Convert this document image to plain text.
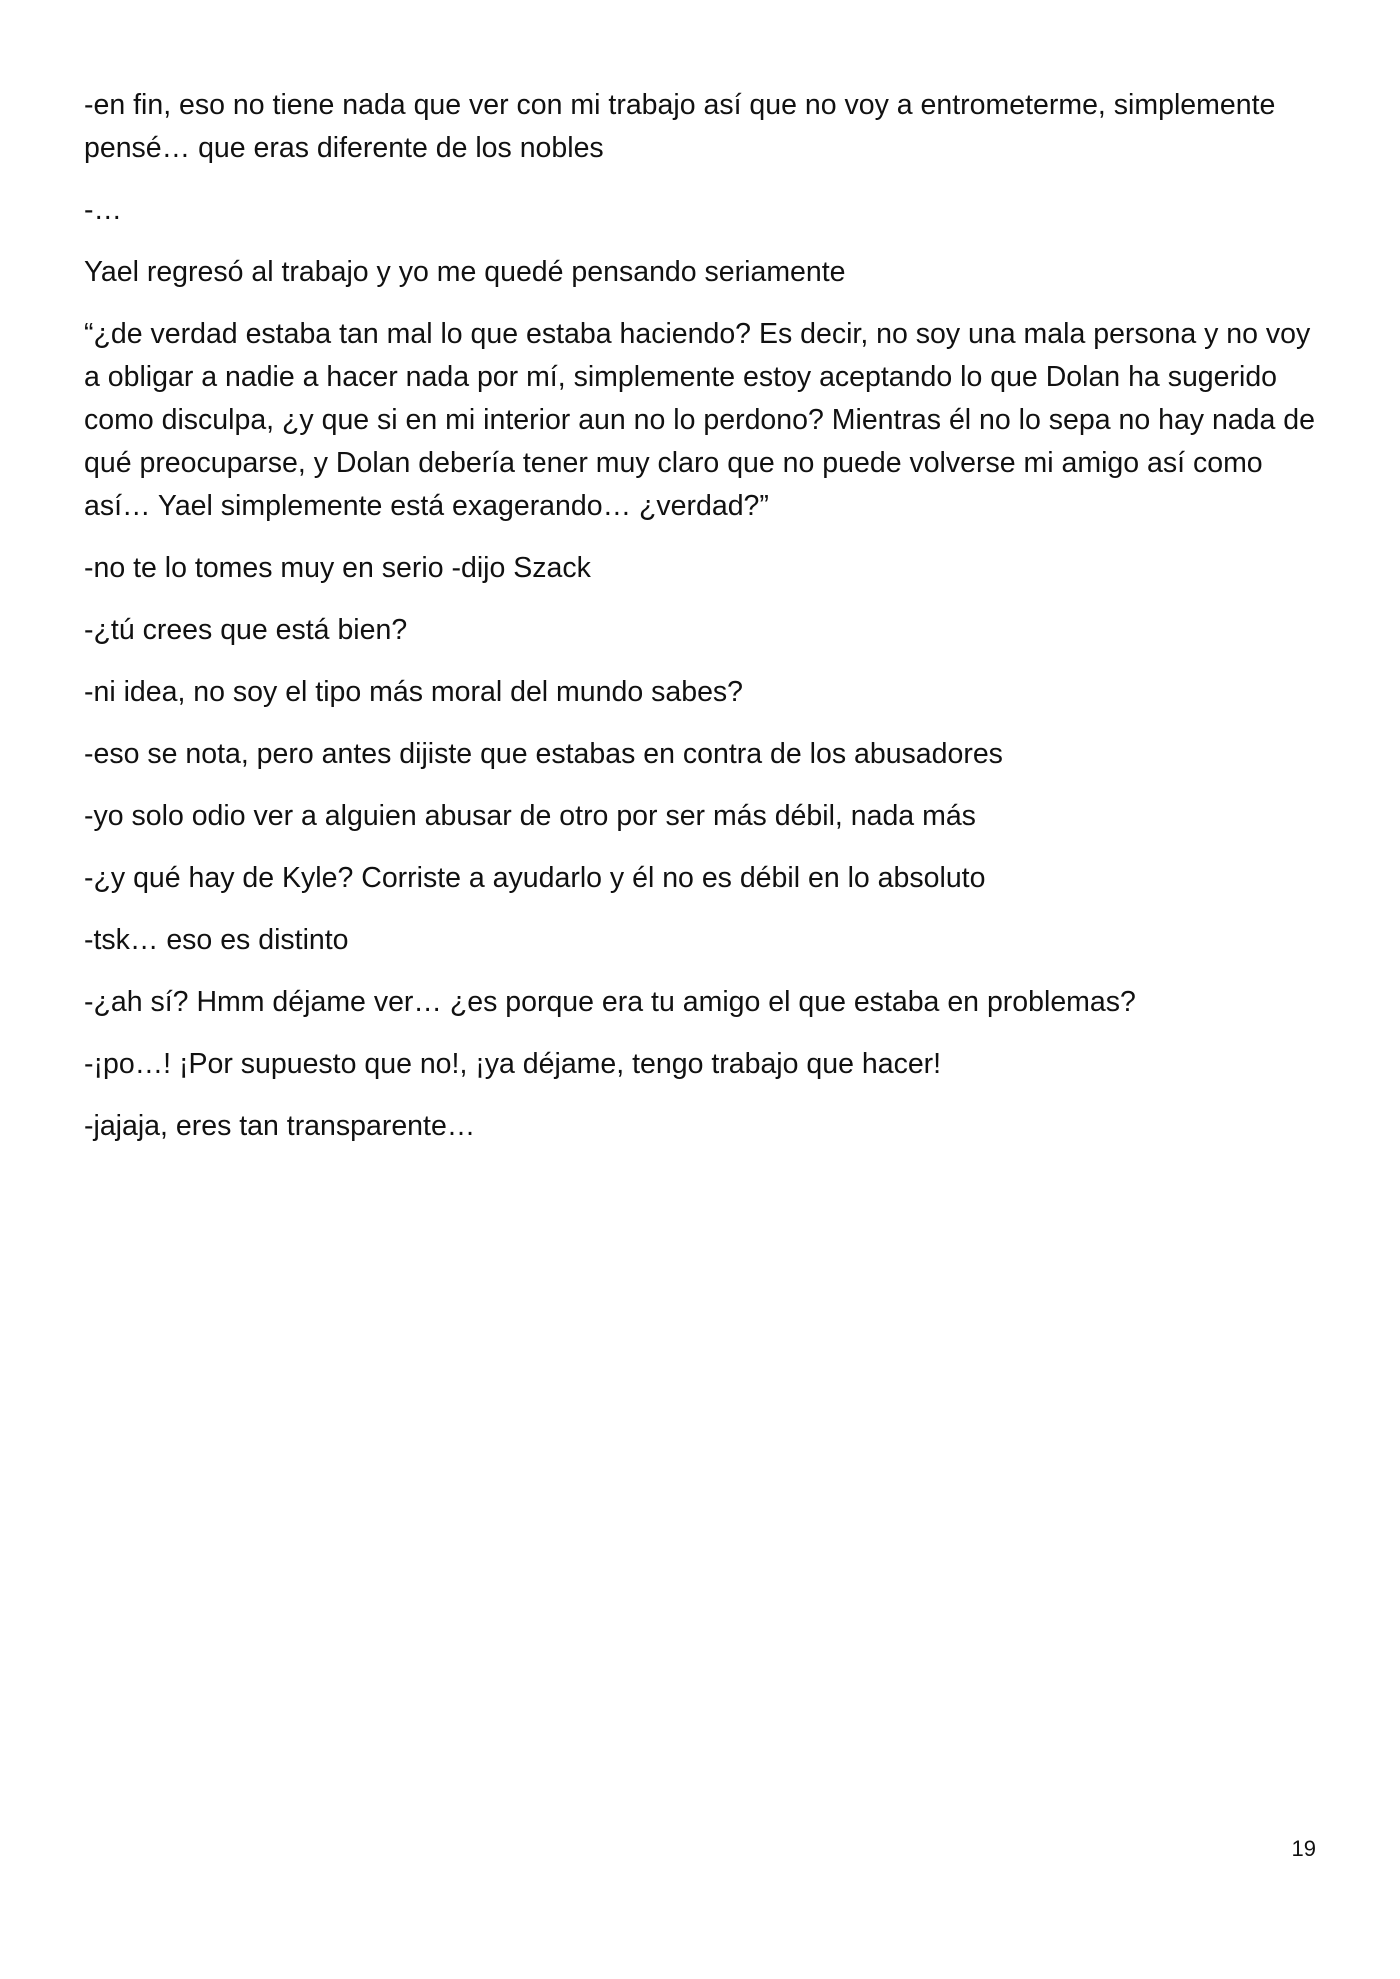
-en fin, eso no tiene nada que ver con mi trabajo así que no voy a entrometerme, simplemente pensé… que eras diferente de los nobles

-…

Yael regresó al trabajo y yo me quedé pensando seriamente

“¿de verdad estaba tan mal lo que estaba haciendo? Es decir, no soy una mala persona y no voy a obligar a nadie a hacer nada por mí, simplemente estoy aceptando lo que Dolan ha sugerido como disculpa, ¿y que si en mi interior aun no lo perdono? Mientras él no lo sepa no hay nada de qué preocuparse, y Dolan debería tener muy claro que no puede volverse mi amigo así como así… Yael simplemente está exagerando… ¿verdad?”

-no te lo tomes muy en serio -dijo Szack

-¿tú crees que está bien?

-ni idea, no soy el tipo más moral del mundo sabes?

-eso se nota, pero antes dijiste que estabas en contra de los abusadores

-yo solo odio ver a alguien abusar de otro por ser más débil, nada más

-¿y qué hay de Kyle? Corriste a ayudarlo y él no es débil en lo absoluto

-tsk… eso es distinto

-¿ah sí? Hmm déjame ver… ¿es porque era tu amigo el que estaba en problemas?

-¡po…! ¡Por supuesto que no!, ¡ya déjame, tengo trabajo que hacer!

-jajaja, eres tan transparente…

19
